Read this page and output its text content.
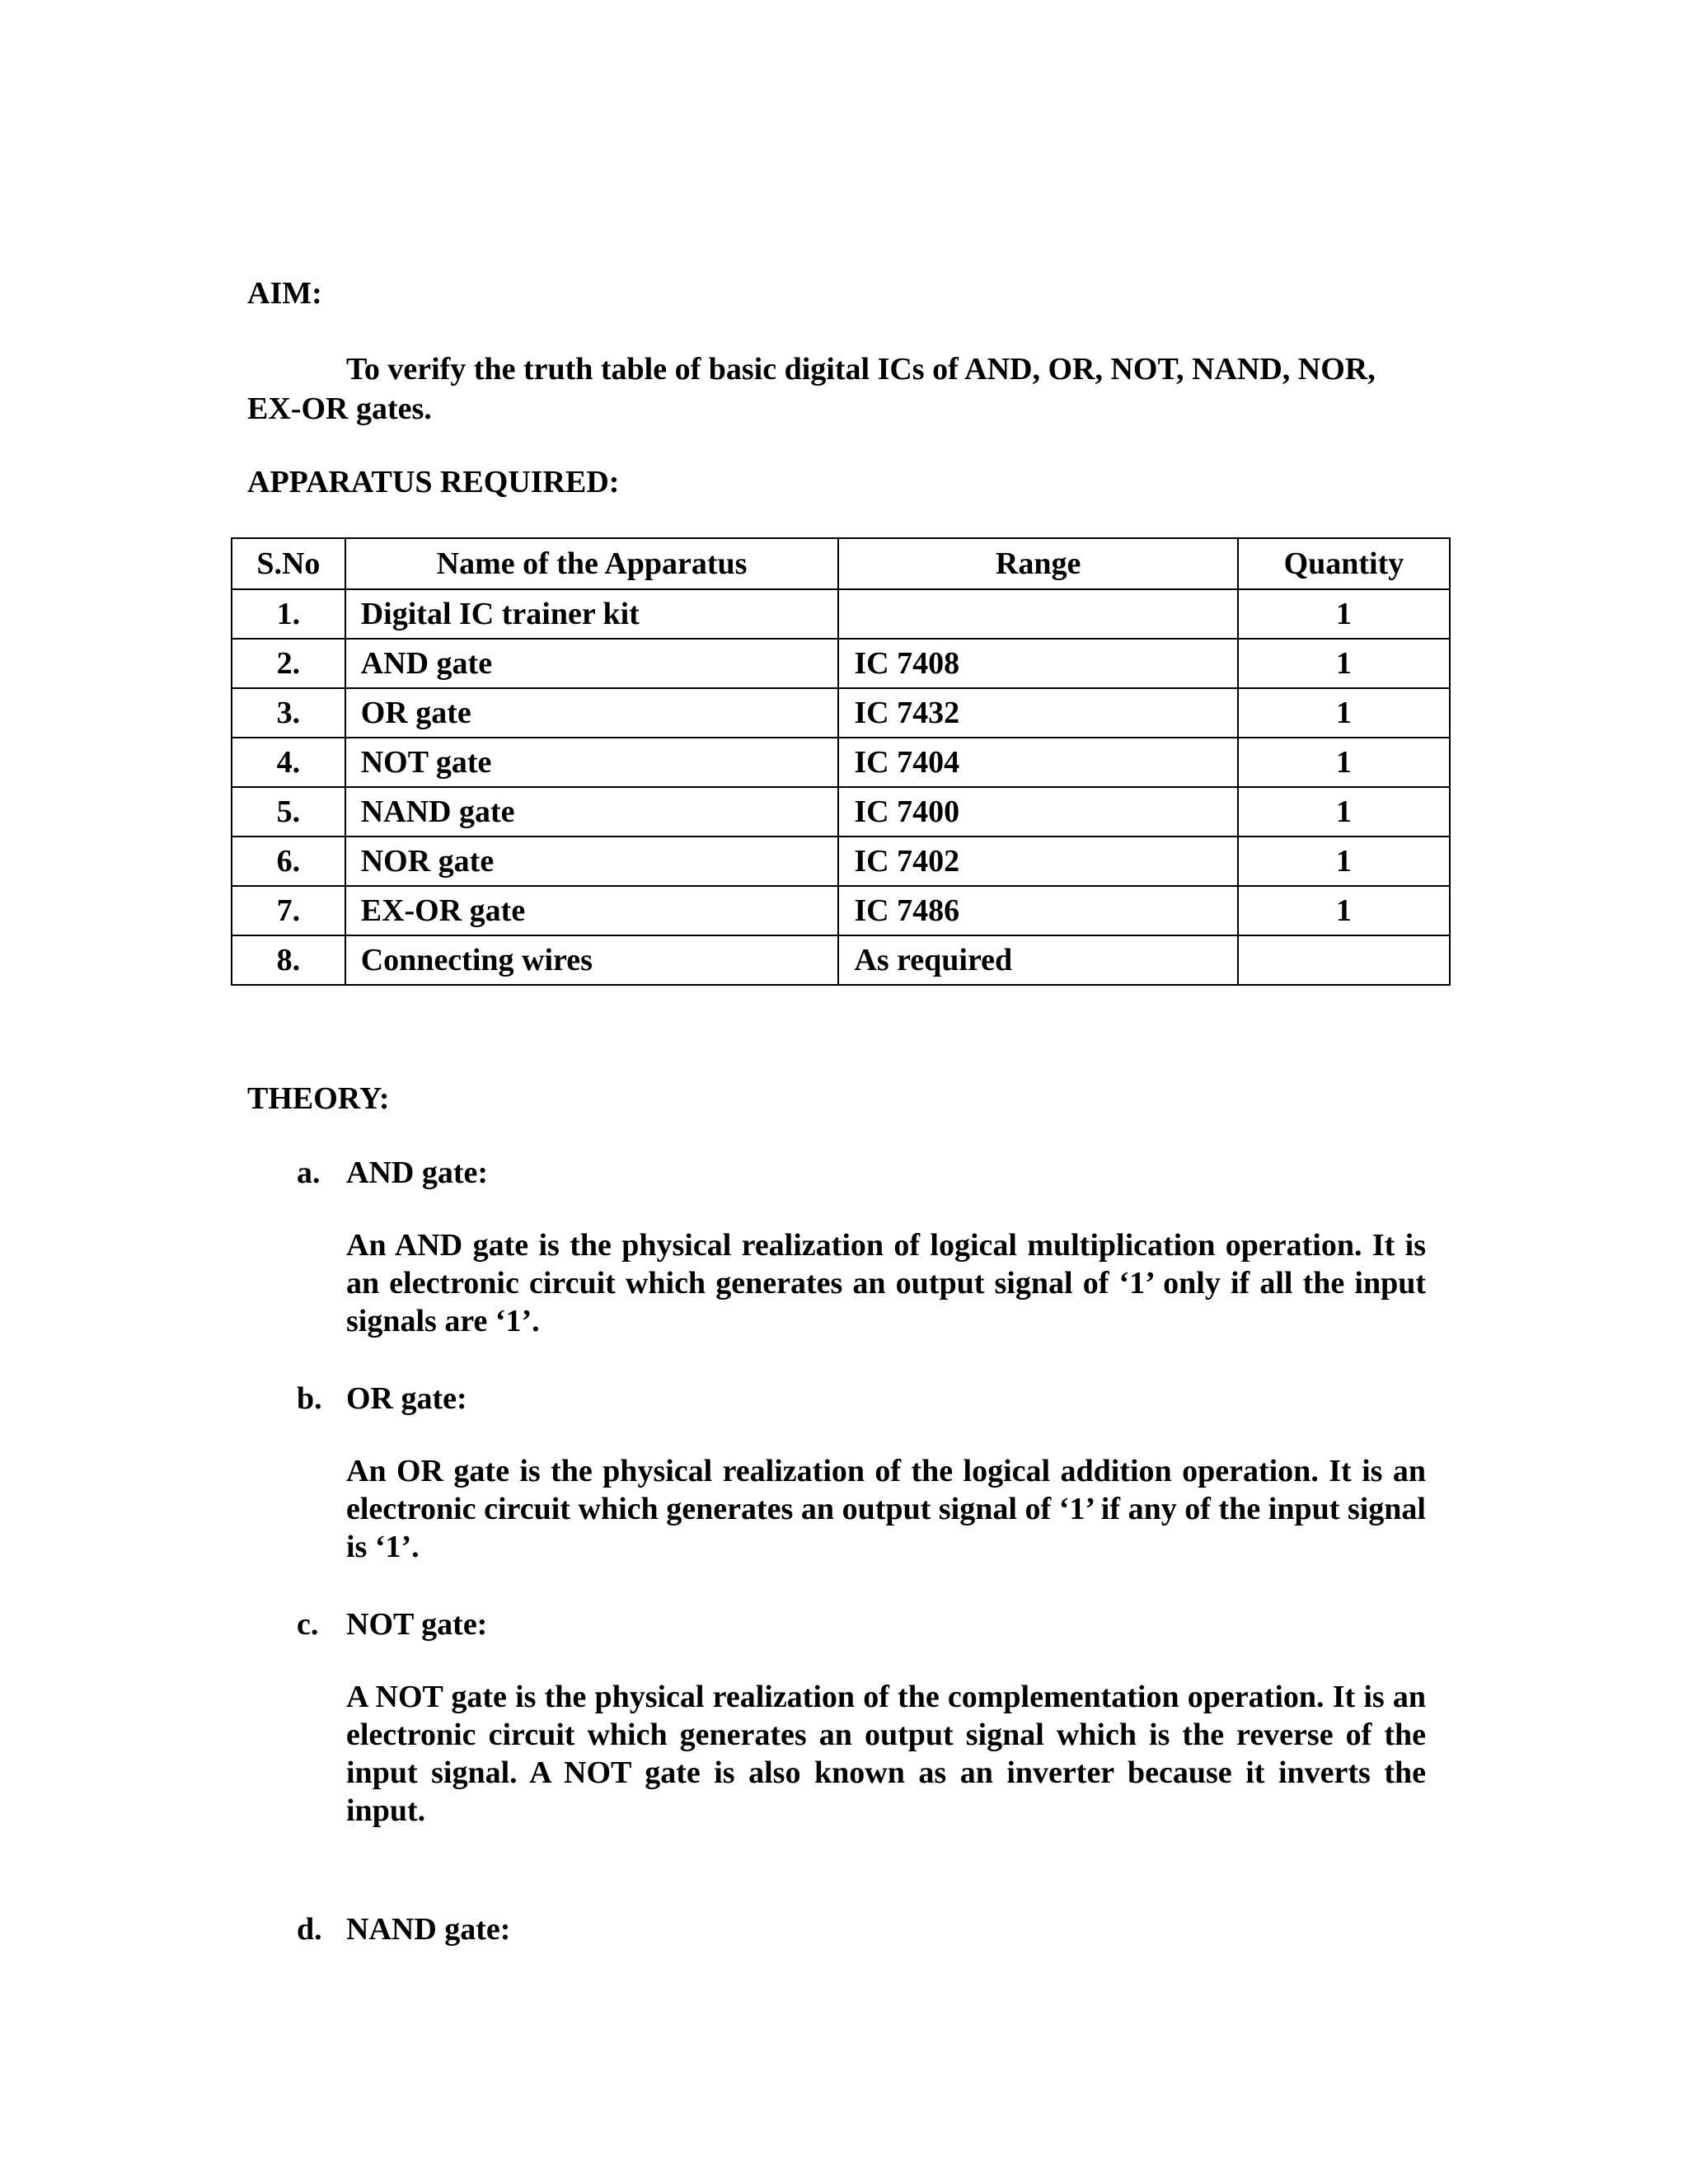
AIM:

To verify the truth table of basic digital ICs of AND, OR, NOT, NAND, NOR, EX-OR gates.

APPARATUS REQUIRED:
S.No	Name of the Apparatus	Range	Quantity
1.	Digital IC trainer kit		1
2.	AND gate	IC 7408	1
3.	OR gate	IC 7432	1
4.	NOT gate	IC 7404	1
5.	NAND gate	IC 7400	1
6.	NOR gate	IC 7402	1
7.	EX-OR gate	IC 7486	1
8.	Connecting wires	As required	
THEORY:

a. AND gate:

An AND gate is the physical realization of logical multiplication operation. It is an electronic circuit which generates an output signal of ‘1’ only if all the input signals are ‘1’.

b. OR gate:

An OR gate is the physical realization of the logical addition operation. It is an electronic circuit which generates an output signal of ‘1’ if any of the input signal is ‘1’.

c. NOT gate:

A NOT gate is the physical realization of the complementation operation. It is an electronic circuit which generates an output signal which is the reverse of the input signal. A NOT gate is also known as an inverter because it inverts the input.

d. NAND gate:
